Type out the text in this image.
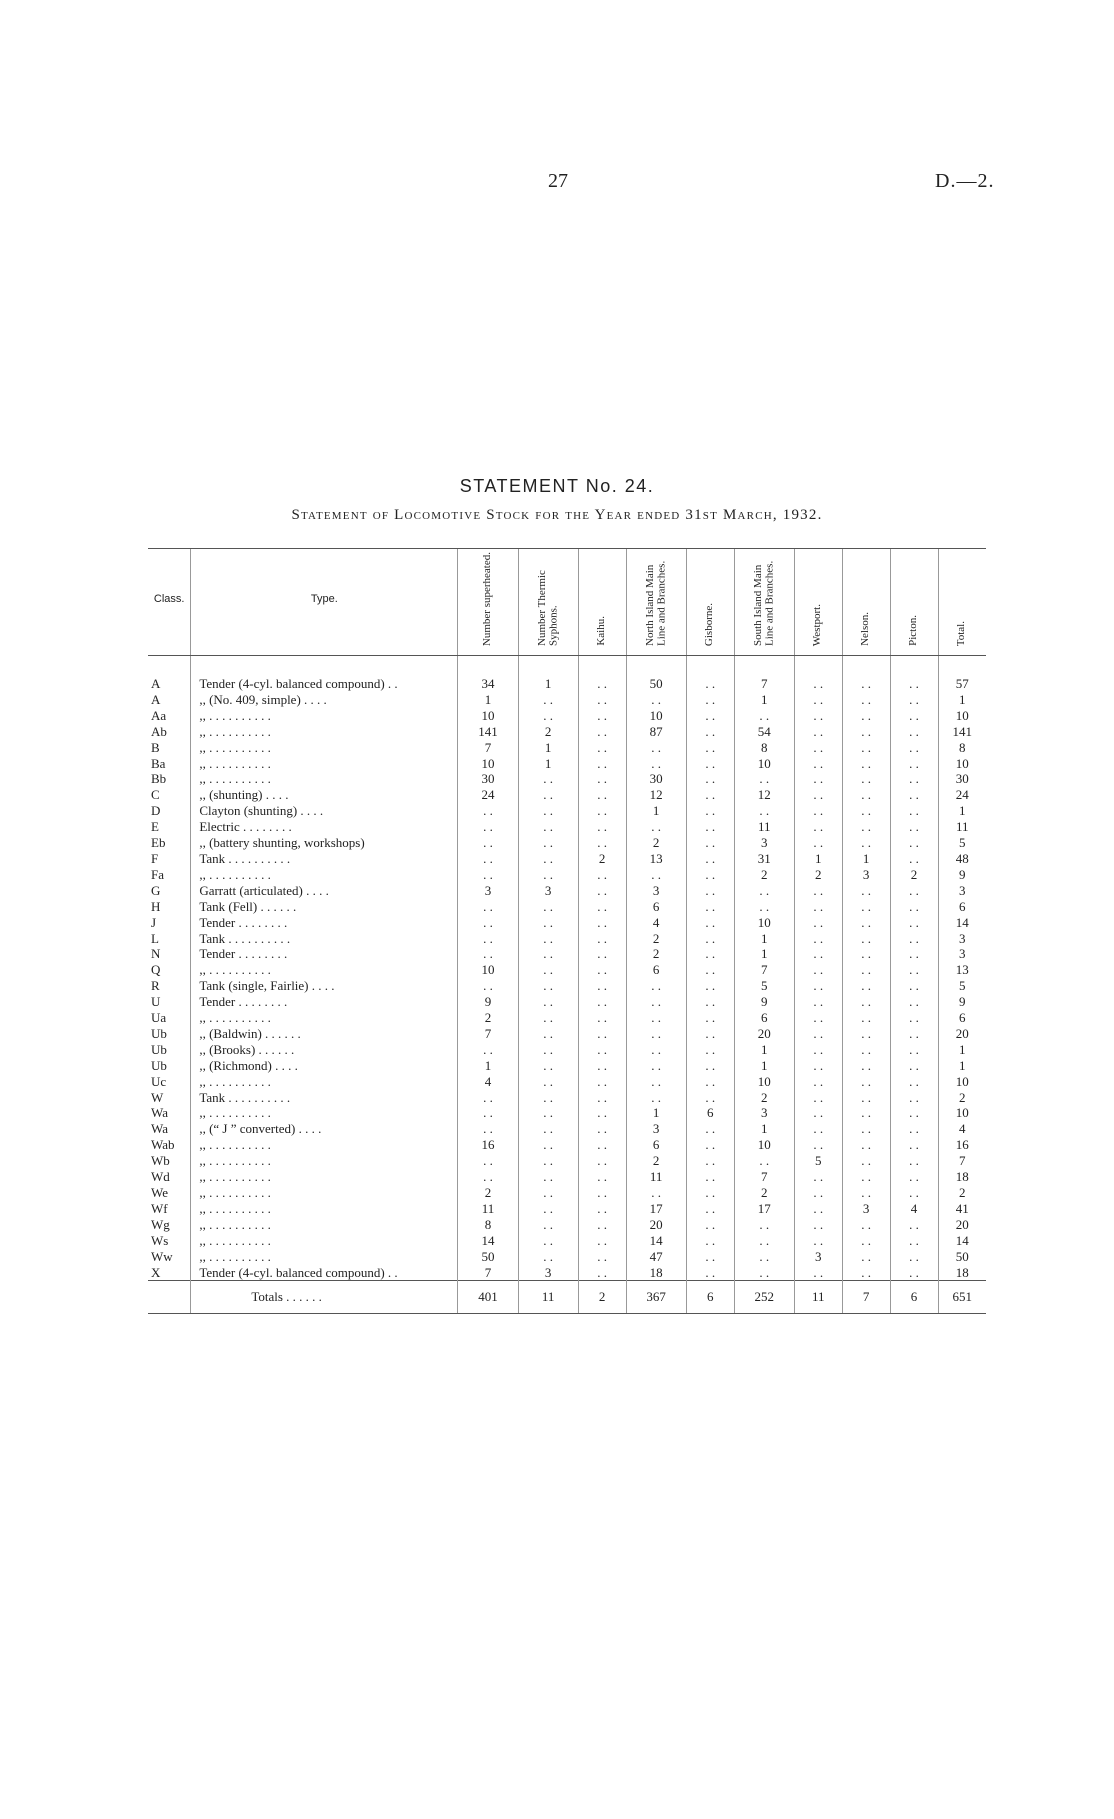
27	D.—2.
STATEMENT No. 24.
Statement of Locomotive Stock for the Year ended 31st March, 1932.
Class.	Type.	Number superheated.	Number Thermic Syphons.	Kaihu.	North Island Main Line and Branches.	Gisborne.	South Island Main Line and Branches.	Westport.	Nelson.	Picton.	Total.
A	Tender (4-cyl. balanced compound) . .	34	1	. .	50	. .	7	. .	. .	. .	57
A	,, (No. 409, simple) . . . .	1	. .	. .	. .	. .	1	. .	. .	. .	1
Aa	,, . . . . . . . . . .	10	. .	. .	10	. .	. .	. .	. .	. .	10
Ab	,, . . . . . . . . . .	141	2	. .	87	. .	54	. .	. .	. .	141
B	,, . . . . . . . . . .	7	1	. .	. .	. .	8	. .	. .	. .	8
Ba	,, . . . . . . . . . .	10	1	. .	. .	. .	10	. .	. .	. .	10
Bb	,, . . . . . . . . . .	30	. .	. .	30	. .	. .	. .	. .	. .	30
C	,, (shunting) . . . .	24	. .	. .	12	. .	12	. .	. .	. .	24
D	Clayton (shunting) . . . .	. .	. .	. .	1	. .	. .	. .	. .	. .	1
E	Electric . . . . . . . .	. .	. .	. .	. .	. .	11	. .	. .	. .	11
Eb	,, (battery shunting, workshops)	. .	. .	. .	2	. .	3	. .	. .	. .	5
F	Tank . . . . . . . . . .	. .	. .	2	13	. .	31	1	1	. .	48
Fa	,, . . . . . . . . . .	. .	. .	. .	. .	. .	2	2	3	2	9
G	Garratt (articulated) . . . .	3	3	. .	3	. .	. .	. .	. .	. .	3
H	Tank (Fell) . . . . . .	. .	. .	. .	6	. .	. .	. .	. .	. .	6
J	Tender . . . . . . . .	. .	. .	. .	4	. .	10	. .	. .	. .	14
L	Tank . . . . . . . . . .	. .	. .	. .	2	. .	1	. .	. .	. .	3
N	Tender . . . . . . . .	. .	. .	. .	2	. .	1	. .	. .	. .	3
Q	,, . . . . . . . . . .	10	. .	. .	6	. .	7	. .	. .	. .	13
R	Tank (single, Fairlie) . . . .	. .	. .	. .	. .	. .	5	. .	. .	. .	5
U	Tender . . . . . . . .	9	. .	. .	. .	. .	9	. .	. .	. .	9
Ua	,, . . . . . . . . . .	2	. .	. .	. .	. .	6	. .	. .	. .	6
Ub	,, (Baldwin) . . . . . .	7	. .	. .	. .	. .	20	. .	. .	. .	20
Ub	,, (Brooks) . . . . . .	. .	. .	. .	. .	. .	1	. .	. .	. .	1
Ub	,, (Richmond) . . . .	1	. .	. .	. .	. .	1	. .	. .	. .	1
Uc	,, . . . . . . . . . .	4	. .	. .	. .	. .	10	. .	. .	. .	10
W	Tank . . . . . . . . . .	. .	. .	. .	. .	. .	2	. .	. .	. .	2
Wa	,, . . . . . . . . . .	. .	. .	. .	1	6	3	. .	. .	. .	10
Wa	,, (“ J ” converted) . . . .	. .	. .	. .	3	. .	1	. .	. .	. .	4
Wab	,, . . . . . . . . . .	16	. .	. .	6	. .	10	. .	. .	. .	16
Wb	,, . . . . . . . . . .	. .	. .	. .	2	. .	. .	5	. .	. .	7
Wd	,, . . . . . . . . . .	. .	. .	. .	11	. .	7	. .	. .	. .	18
We	,, . . . . . . . . . .	2	. .	. .	. .	. .	2	. .	. .	. .	2
Wf	,, . . . . . . . . . .	11	. .	. .	17	. .	17	. .	3	4	41
Wg	,, . . . . . . . . . .	8	. .	. .	20	. .	. .	. .	. .	. .	20
Ws	,, . . . . . . . . . .	14	. .	. .	14	. .	. .	. .	. .	. .	14
Ww	,, . . . . . . . . . .	50	. .	. .	47	. .	. .	3	. .	. .	50
X	Tender (4-cyl. balanced compound) . .	7	3	. .	18	. .	. .	. .	. .	. .	18
	Totals . . . . . .	401	11	2	367	6	252	11	7	6	651
